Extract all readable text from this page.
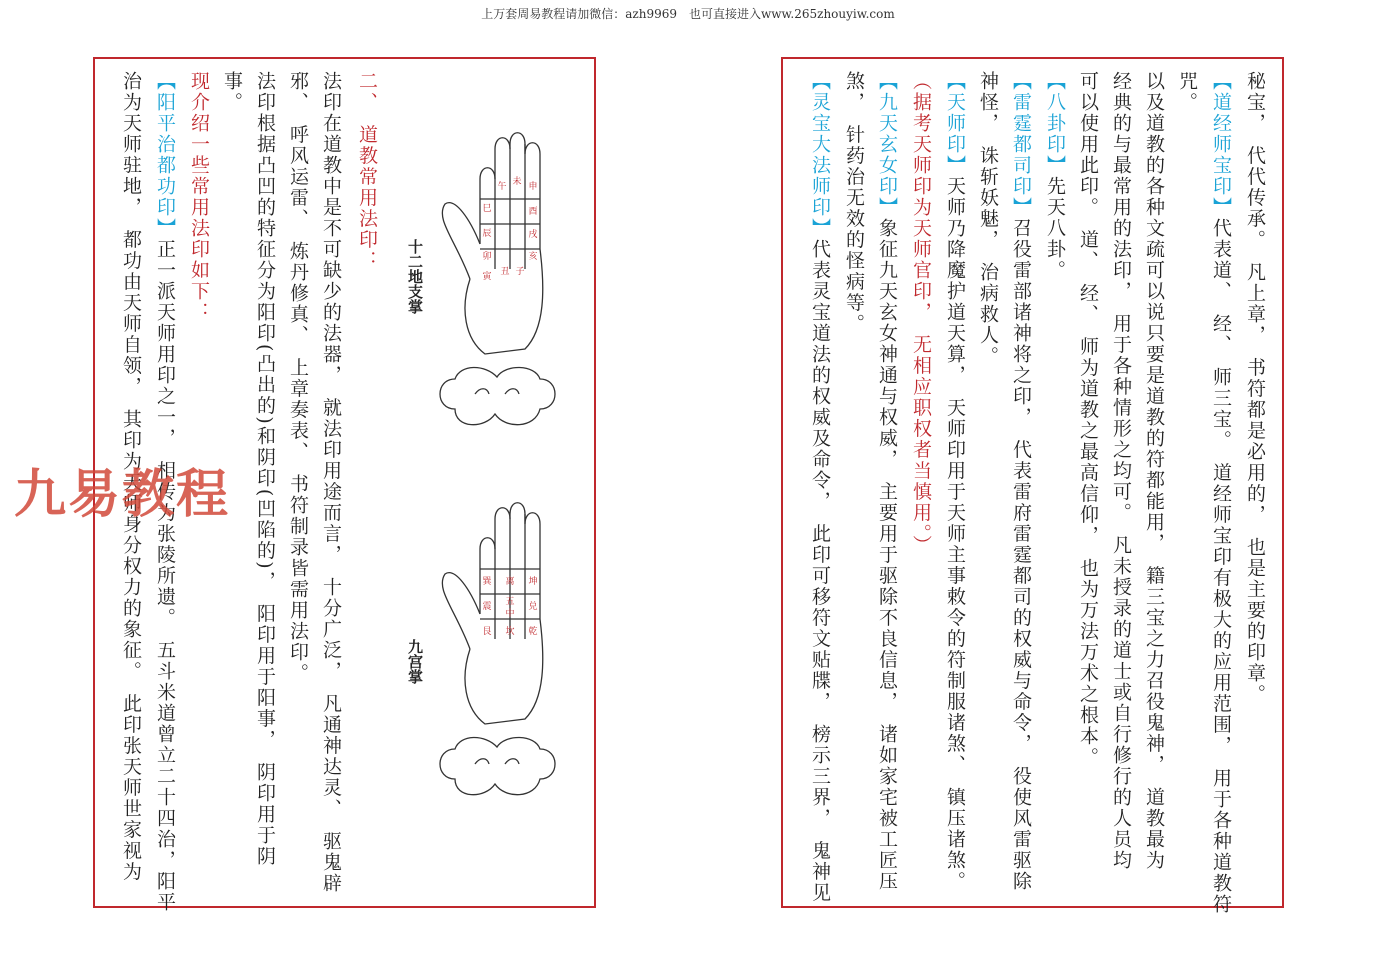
上万套周易教程请加微信：azh9969　也可直接进入www.265zhouyiw.com
巳
午 未 申
辰
酉
卯
戌
寅 丑 子
亥
十二地支掌
巽 离 坤
震 五
中
兑
艮 坎 乾
九宫掌
二、　道教常用法印：
法印在道教中是不可缺少的法器，　就法印用途而言，　十分广泛，　凡通神达灵、　驱鬼辟
邪、　呼风运雷、　炼丹修真、　上章奏表、　书符制录皆需用法印。
法印根据凸凹的特征分为阳印(凸出的)和阴印(凹陷的)，　阳印用于阳事，　阴印用于阴
事。
现介绍一些常用法印如下：
【阳平治都功印】正一派天师用印之一，　相传为张陵所遗。　五斗米道曾立二十四治，阳平
治为天师驻地，　都功由天师自领，　其印为天师身分权力的象征。　此印张天师世家视为	秘宝，　代代传承。　凡上章，　书符都是必用的，　也是主要的印章。
【道经师宝印】代表道、　经、　师三宝。　道经师宝印有极大的应用范围，　用于各种道教符
咒。
以及道教的各种文疏可以说只要是道教的符都能用，　籍三宝之力召役鬼神，　道教最为
经典的与最常用的法印，　用于各种情形之均可。　凡未授录的道士或自行修行的人员均
可以使用此印。　道、　经、　师为道教之最高信仰，　也为万法万术之根本。
【八卦印】先天八卦。
【雷霆都司印】召役雷部诸神将之印，　代表雷府雷霆都司的权威与命令，　役使风雷驱除
神怪，　诛斩妖魅，　治病救人。
【天师印】天师乃降魔护道天算，　天师印用于天师主事敕令的符制服诸煞、　镇压诸煞。
（据考天师印为天师官印，　无相应职权者当慎用。）
【九天玄女印】象征九天玄女神通与权威，　主要用于驱除不良信息，　诸如家宅被工匠压
煞，　针药治无效的怪病等。
【灵宝大法师印】代表灵宝道法的权威及命令，　此印可移符文贴牒，　榜示三界，　鬼神见
九易教程
